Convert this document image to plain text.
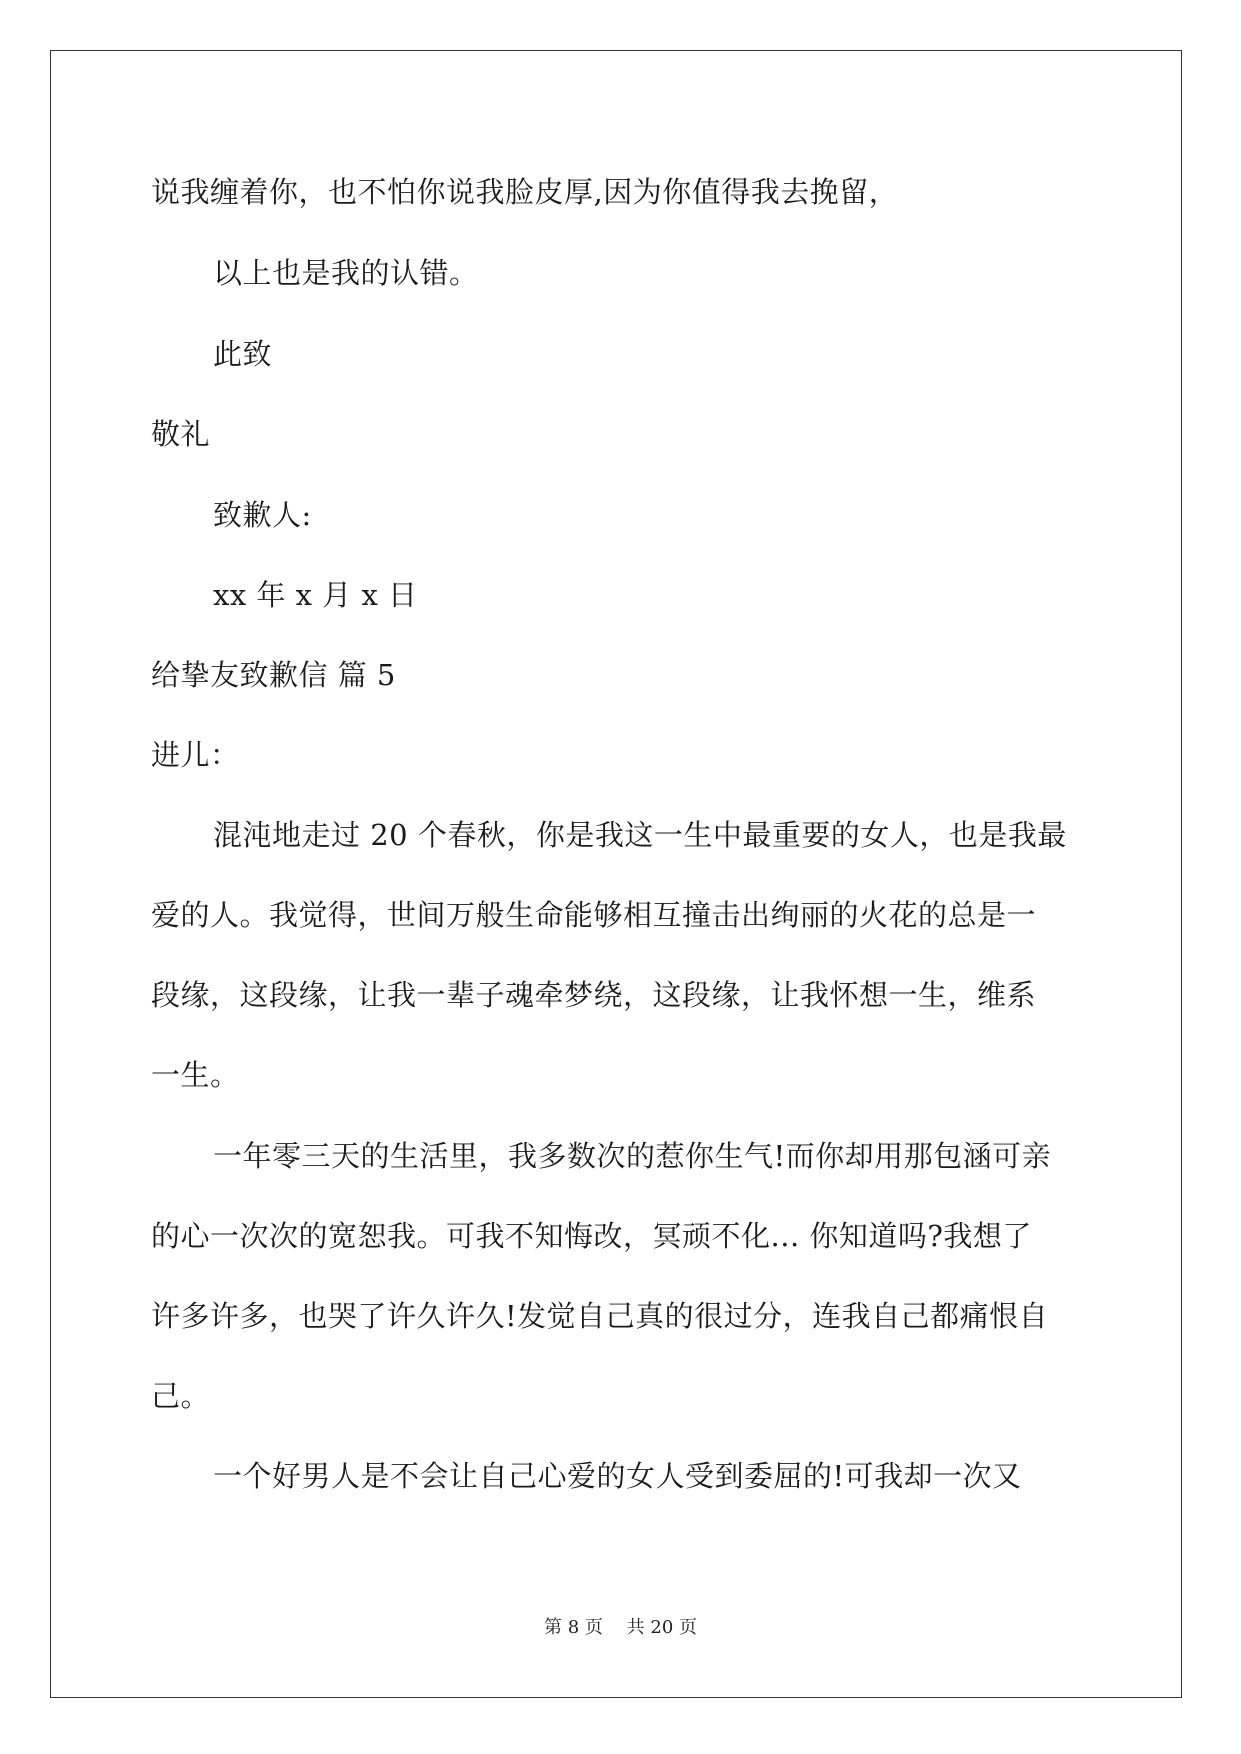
说我缠着你，也不怕你说我脸皮厚,因为你值得我去挽留，
以上也是我的认错。
此致
敬礼
致歉人:
xx 年 x 月 x 日
给挚友致歉信 篇 5
进儿：
混沌地走过 20 个春秋，你是我这一生中最重要的女人，也是我最
爱的人。我觉得，世间万般生命能够相互撞击出绚丽的火花的总是一
段缘，这段缘，让我一辈子魂牵梦绕，这段缘，让我怀想一生，维系
一生。
一年零三天的生活里，我多数次的惹你生气!而你却用那包涵可亲
的心一次次的宽恕我。可我不知悔改，冥顽不化... 你知道吗?我想了
许多许多，也哭了许久许久!发觉自己真的很过分，连我自己都痛恨自
己。
一个好男人是不会让自己心爱的女人受到委屈的!可我却一次又
第 8 页 共 20 页
